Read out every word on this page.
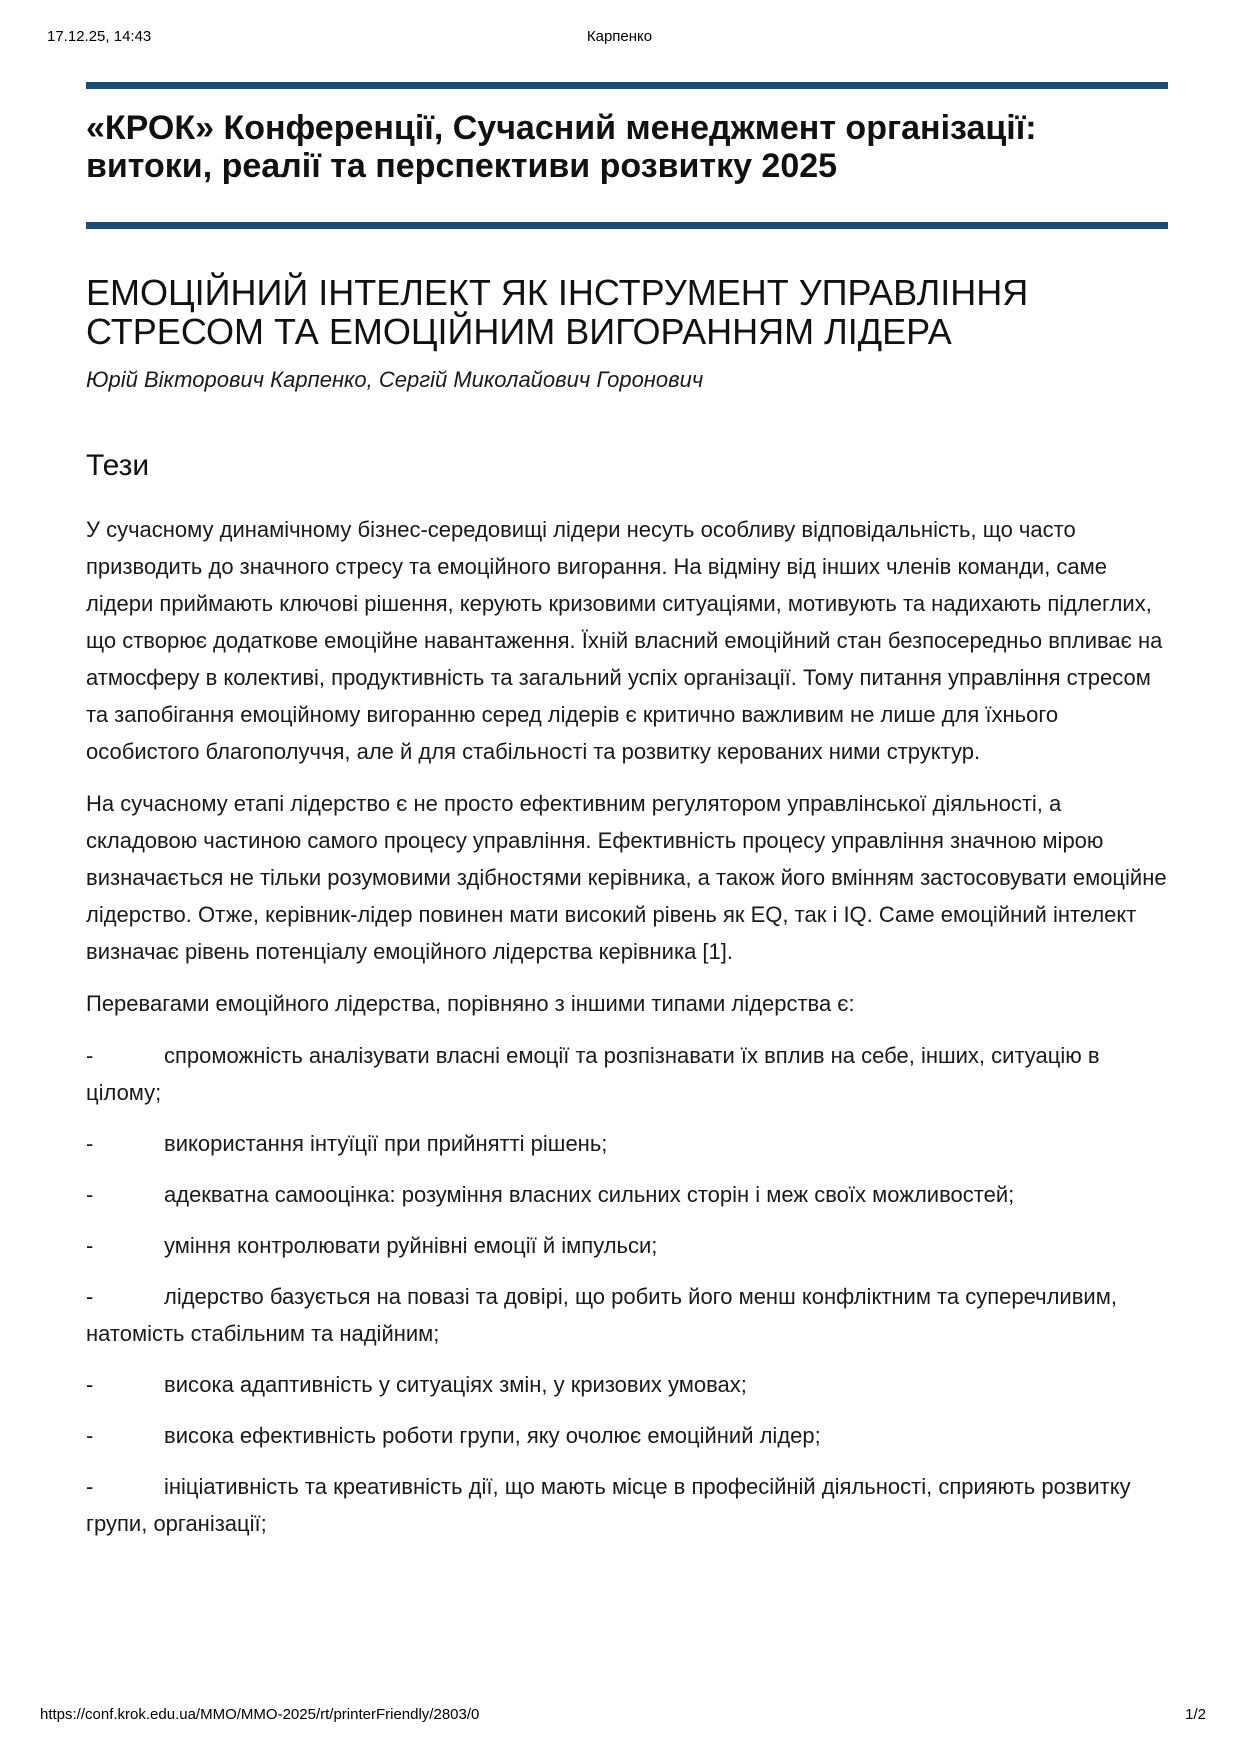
17.12.25, 14:43	Карпенко
«КРОК» Конференції, Сучасний менеджмент організації: витоки, реалії та перспективи розвитку 2025
ЕМОЦІЙНИЙ ІНТЕЛЕКТ ЯК ІНСТРУМЕНТ УПРАВЛІННЯ СТРЕСОМ ТА ЕМОЦІЙНИМ ВИГОРАННЯМ ЛІДЕРА
Юрій Вікторович Карпенко, Сергій Миколайович Горонович
Тези

У сучасному динамічному бізнес-середовищі лідери несуть особливу відповідальність, що часто призводить до значного стресу та емоційного вигорання. На відміну від інших членів команди, саме лідери приймають ключові рішення, керують кризовими ситуаціями, мотивують та надихають підлеглих, що створює додаткове емоційне навантаження. Їхній власний емоційний стан безпосередньо впливає на атмосферу в колективі, продуктивність та загальний успіх організації. Тому питання управління стресом та запобігання емоційному вигоранню серед лідерів є критично важливим не лише для їхнього особистого благополуччя, але й для стабільності та розвитку керованих ними структур.

На сучасному етапі лідерство є не просто ефективним регулятором управлінської діяльності, а складовою частиною самого процесу управління. Ефективність процесу управління значною мірою визначається не тільки розумовими здібностями керівника, а також його вмінням застосовувати емоційне лідерство. Отже, керівник-лідер повинен мати високий рівень як EQ, так і IQ. Саме емоційний інтелект визначає рівень потенціалу емоційного лідерства керівника [1].

Перевагами емоційного лідерства, порівняно з іншими типами лідерства є:

-	спроможність аналізувати власні емоції та розпізнавати їх вплив на себе, інших, ситуацію в цілому;

-	використання інтуїції при прийнятті рішень;

-	адекватна самооцінка: розуміння власних сильних сторін і меж своїх можливостей;

-	уміння контролювати руйнівні емоції й імпульси;

-	лідерство базується на повазі та довірі, що робить його менш конфліктним та суперечливим, натомість стабільним та надійним;

-	висока адаптивність у ситуаціях змін, у кризових умовах;

-	висока ефективність роботи групи, яку очолює емоційний лідер;

-	ініціативність та креативність дії, що мають місце в професійній діяльності, сприяють розвитку групи, організації;

https://conf.krok.edu.ua/MMO/MMO-2025/rt/printerFriendly/2803/0	1/2
